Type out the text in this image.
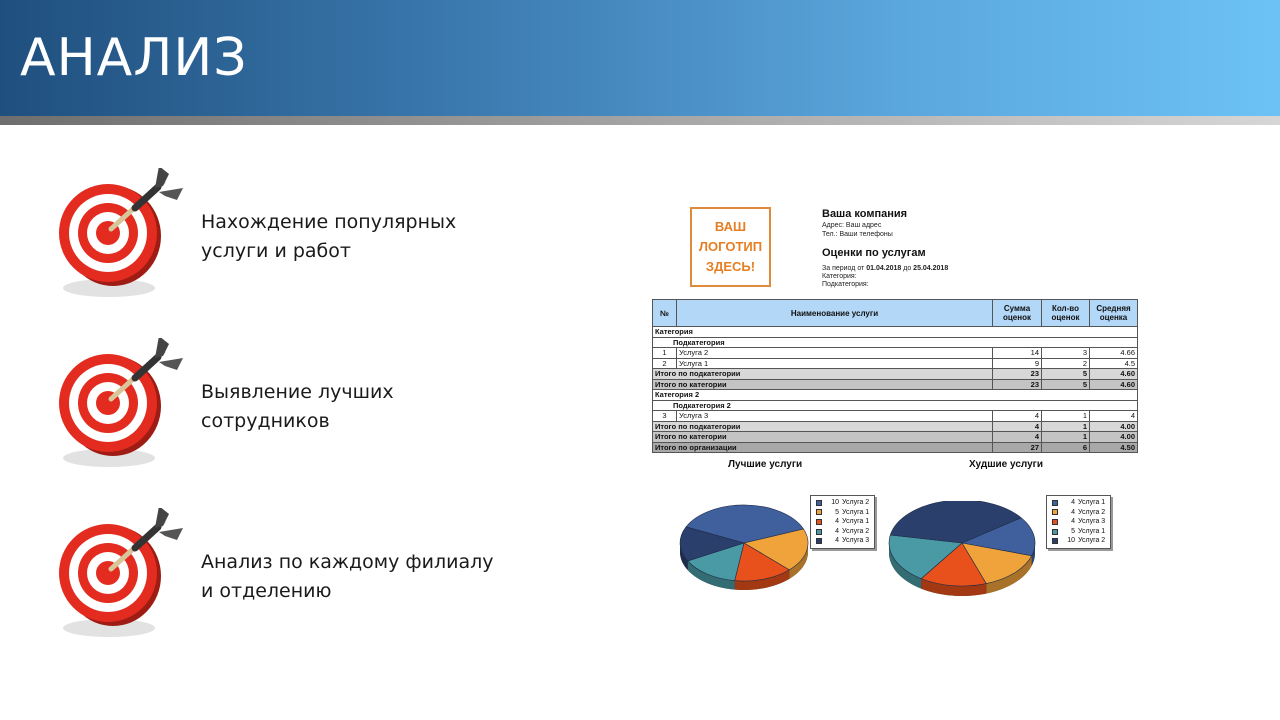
АНАЛИЗ
Нахождение популярных услуги и работ
Выявление лучших сотрудников
Анализ по каждому филиалу и отделению
ВАШ
ЛОГОТИП
ЗДЕСЬ!
Ваша компания
Адрес: Ваш адрес
Тел.: Ваши телефоны
Оценки по услугам
За период от 01.04.2018 до 25.04.2018
Категория:
Подкатегория:
№	Наименование услуги	Сумма оценок	Кол-во оценок	Средняя оценка
Категория				
Подкатегория				
1	Услуга 2	14	3	4.66
2	Услуга 1	9	2	4.5
Итого по подкатегории		23	5	4.60
Итого по категории		23	5	4.60
Категория 2				
Подкатегория 2				
3	Услуга 3	4	1	4
Итого по подкатегории		4	1	4.00
Итого по категории		4	1	4.00
Итого по организации		27	6	4.50
Лучшие услуги	Худшие услуги
10 Услуга 2
5 Услуга 1
4 Услуга 1
4 Услуга 2
4 Услуга 3
4 Услуга 1
4 Услуга 2
4 Услуга 3
5 Услуга 1
10 Услуга 2
